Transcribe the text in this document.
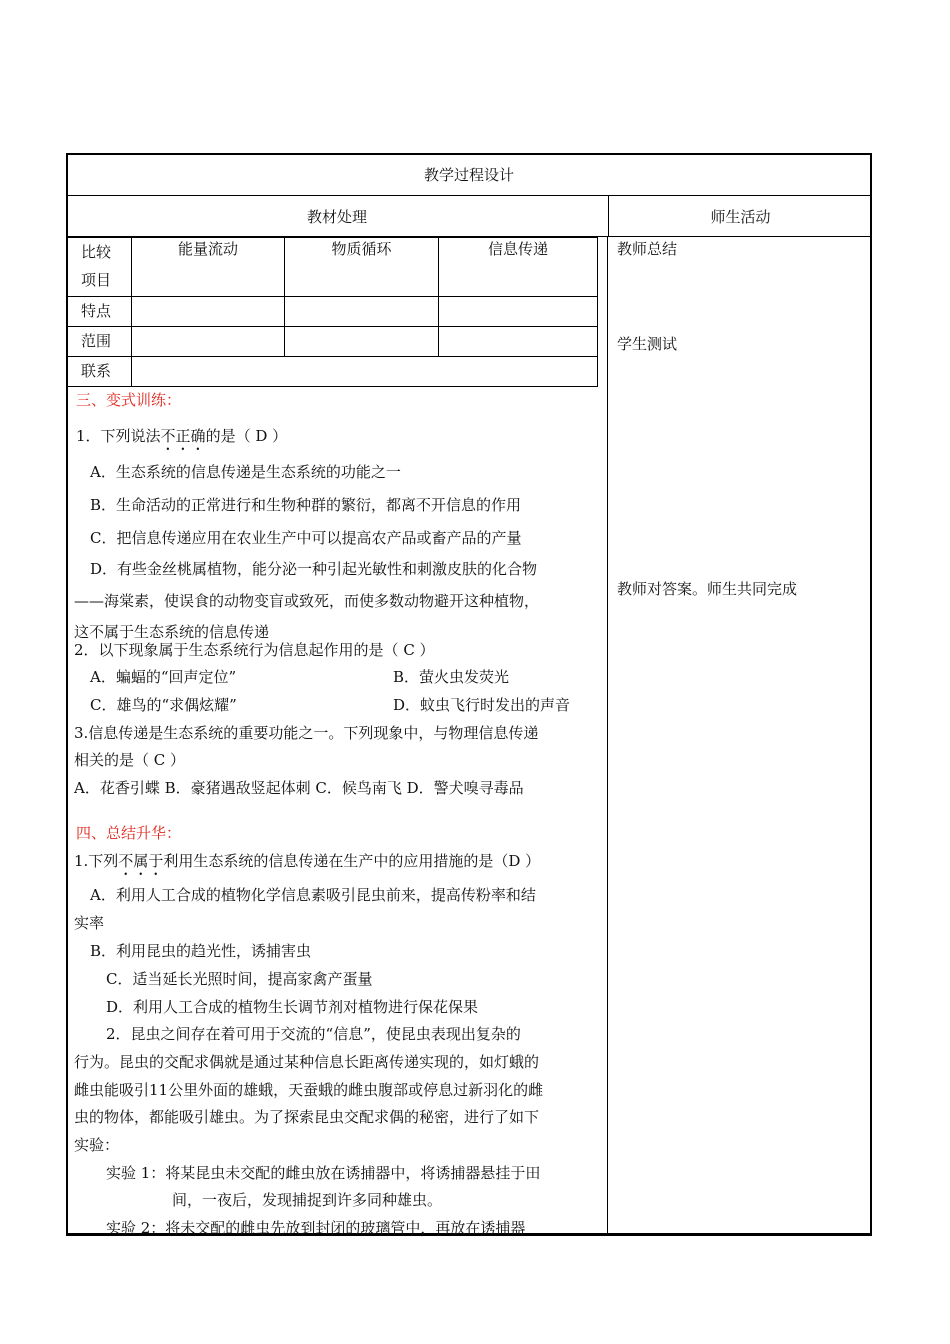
教学过程设计
教材处理	师生活动
比较
项目	能量流动	物质循环	信息传递
特点			
范围			
联系			
三、变式训练：
1．下列说法不正确的是（ D ）
A．生态系统的信息传递是生态系统的功能之一
B．生命活动的正常进行和生物种群的繁衍，都离不开信息的作用
C．把信息传递应用在农业生产中可以提高农产品或畜产品的产量
D．有些金丝桃属植物，能分泌一种引起光敏性和刺激皮肤的化合物
——海棠素，使误食的动物变盲或致死，而使多数动物避开这种植物，
这不属于生态系统的信息传递
2．以下现象属于生态系统行为信息起作用的是（ C ）
A．蝙蝠的“回声定位”	B．萤火虫发荧光
C．雄鸟的“求偶炫耀”	D．蚊虫飞行时发出的声音
3.信息传递是生态系统的重要功能之一。下列现象中，与物理信息传递
相关的是（ C ）
A．花香引蝶 B．豪猪遇敌竖起体刺 C．候鸟南飞 D．警犬嗅寻毒品
四、总结升华：
1.下列不属于利用生态系统的信息传递在生产中的应用措施的是（D ）
A．利用人工合成的植物化学信息素吸引昆虫前来，提高传粉率和结
实率
B．利用昆虫的趋光性，诱捕害虫
C．适当延长光照时间，提高家禽产蛋量
D．利用人工合成的植物生长调节剂对植物进行保花保果
2．昆虫之间存在着可用于交流的“信息”，使昆虫表现出复杂的
行为。昆虫的交配求偶就是通过某种信息长距离传递实现的，如灯蛾的
雌虫能吸引11公里外面的雄蛾，天蚕蛾的雌虫腹部或停息过新羽化的雌
虫的物体，都能吸引雄虫。为了探索昆虫交配求偶的秘密，进行了如下
实验：
实验 1：将某昆虫未交配的雌虫放在诱捕器中，将诱捕器悬挂于田
间，一夜后，发现捕捉到许多同种雄虫。
实验 2：将未交配的雌虫先放到封闭的玻璃管中，再放在诱捕器
教师总结
学生测试
教师对答案。师生共同完成
